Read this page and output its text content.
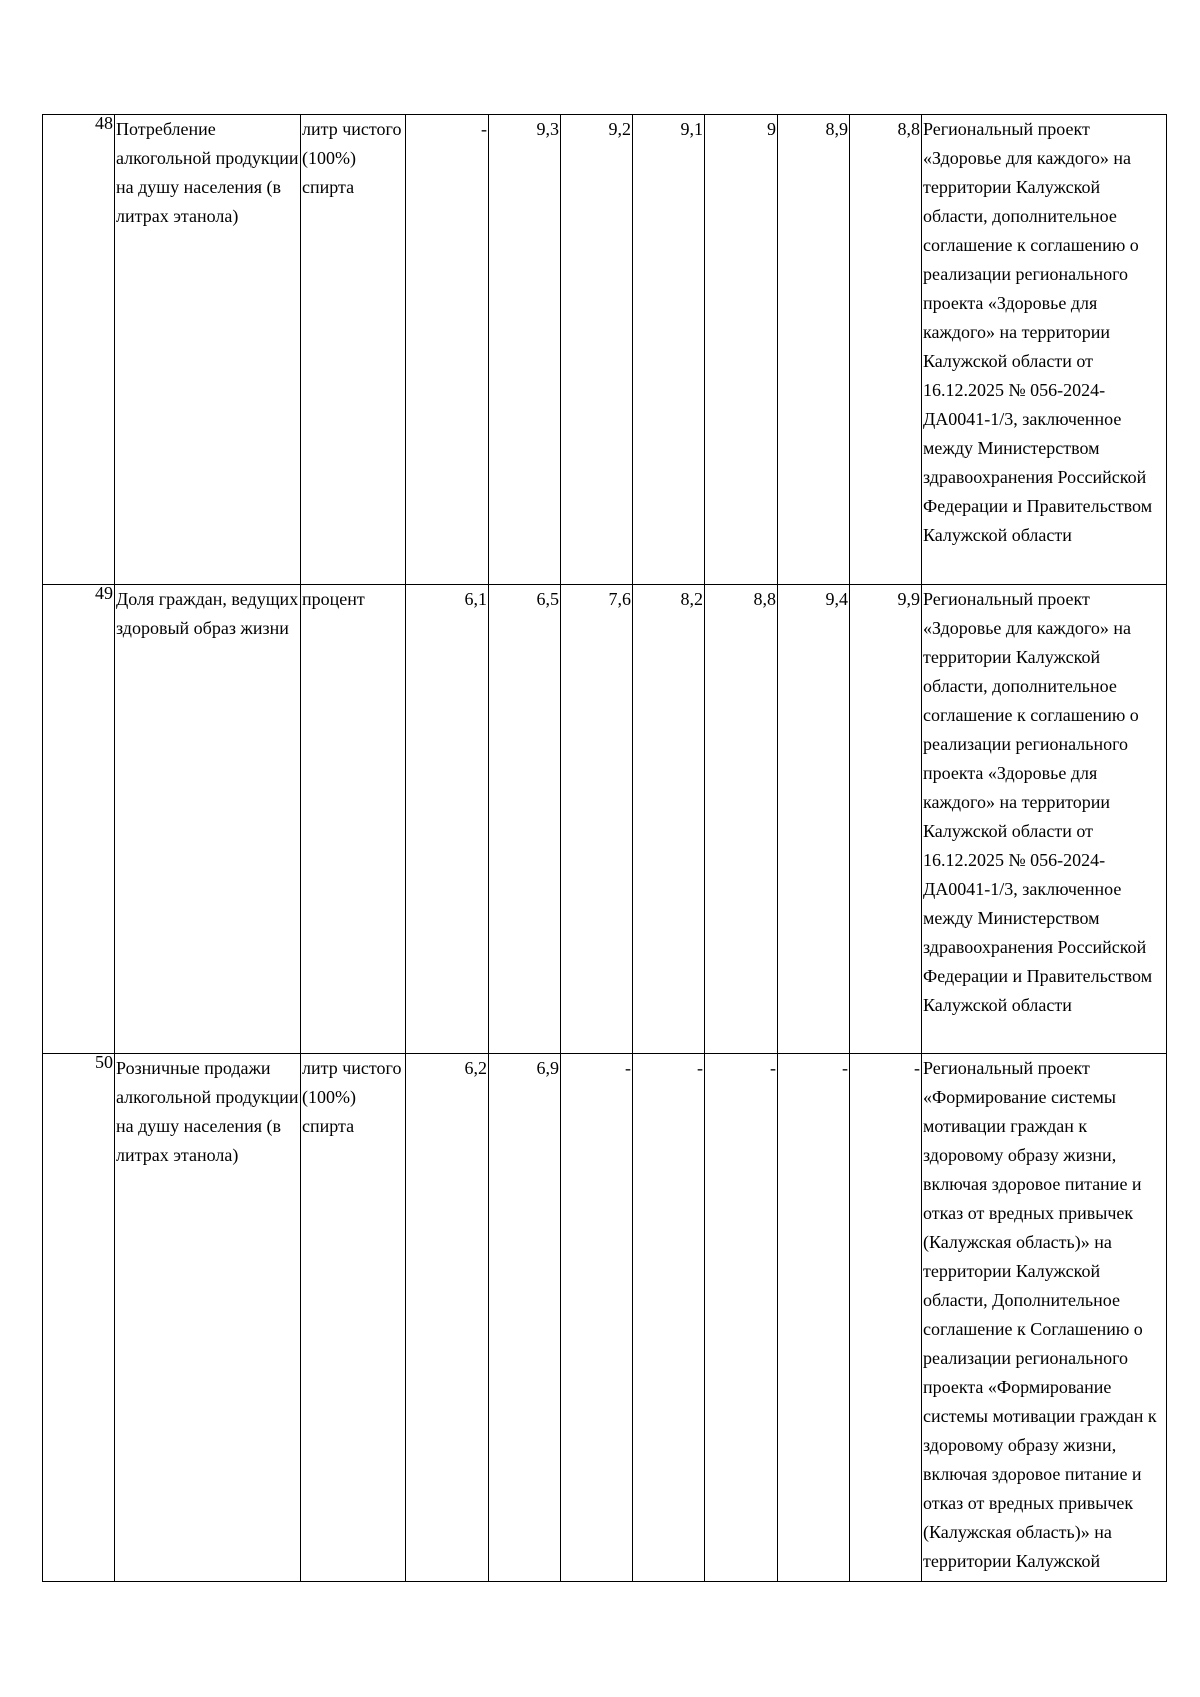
48	Потребление алкогольной продукции на душу населения (в литрах этанола)	литр чистого (100%) спирта	-	9,3	9,2	9,1	9	8,9	8,8	Региональный проект «Здоровье для каждого» на территории Калужской области, дополнительное соглашение к соглашению о реализации регионального проекта «Здоровье для каждого» на территории Калужской области от 16.12.2025 № 056-2024-ДА0041-1/3, заключенное между Министерством здравоохранения Российской Федерации и Правительством Калужской области
49	Доля граждан, ведущих здоровый образ жизни	процент	6,1	6,5	7,6	8,2	8,8	9,4	9,9	Региональный проект «Здоровье для каждого» на территории Калужской области, дополнительное соглашение к соглашению о реализации регионального проекта «Здоровье для каждого» на территории Калужской области от 16.12.2025 № 056-2024-ДА0041-1/3, заключенное между Министерством здравоохранения Российской Федерации и Правительством Калужской области
50	Розничные продажи алкогольной продукции на душу населения (в литрах этанола)	литр чистого (100%) спирта	6,2	6,9	-	-	-	-	-	Региональный проект «Формирование системы мотивации граждан к здоровому образу жизни, включая здоровое питание и отказ от вредных привычек (Калужская область)» на территории Калужской области, Дополнительное соглашение к Соглашению о реализации регионального проекта «Формирование системы мотивации граждан к здоровому образу жизни, включая здоровое питание и отказ от вредных привычек (Калужская область)» на территории Калужской
